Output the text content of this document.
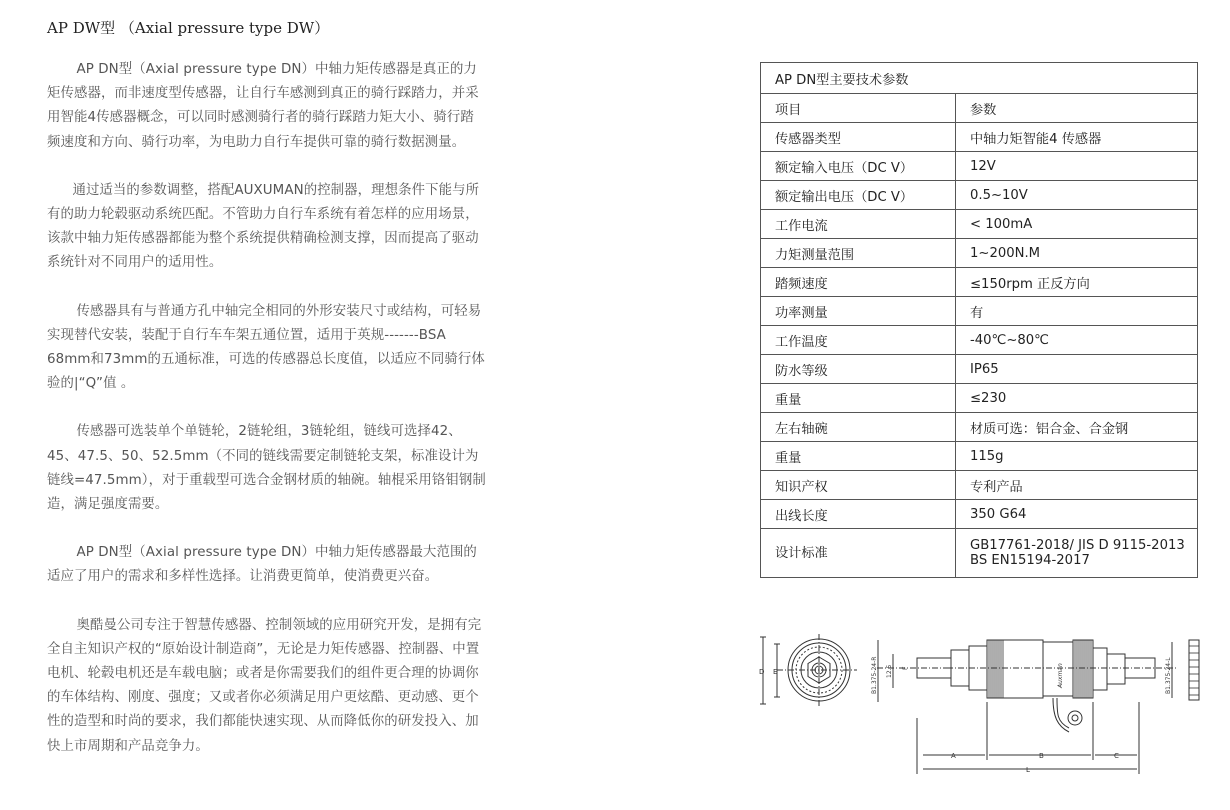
AP DW型 （Axial pressure type DW）

AP DN型（Axial pressure type DN）中轴力矩传感器是真正的力矩传感器，而非速度型传感器，让自行车感测到真正的骑行踩踏力，并采用智能4传感器概念，可以同时感测骑行者的骑行踩踏力矩大小、骑行踏频速度和方向、骑行功率，为电助力自行车提供可靠的骑行数据测量。

通过适当的参数调整，搭配AUXUMAN的控制器，理想条件下能与所有的助力轮毂驱动系统匹配。不管助力自行车系统有着怎样的应用场景，该款中轴力矩传感器都能为整个系统提供精确检测支撑，因而提高了驱动系统针对不同用户的适用性。

传感器具有与普通方孔中轴完全相同的外形安装尺寸或结构，可轻易实现替代安装，装配于自行车车架五通位置，适用于英规-------BSA 68mm和73mm的五通标准，可选的传感器总长度值，以适应不同骑行体验的|“Q”值 。

传感器可选装单个单链轮，2链轮组，3链轮组，链线可选择42、45、47.5、50、52.5mm（不同的链线需要定制链轮支架，标准设计为链线=47.5mm），对于重载型可选合金钢材质的轴碗。轴棍采用铬钼钢制造，满足强度需要。

AP DN型（Axial pressure type DN）中轴力矩传感器最大范围的适应了用户的需求和多样性选择。让消费更简单，使消费更兴奋。

奥酷曼公司专注于智慧传感器、控制领域的应用研究开发，是拥有完全自主知识产权的“原始设计制造商”，无论是力矩传感器、控制器、中置电机、轮毂电机还是车载电脑；或者是你需要我们的组件更合理的协调你的车体结构、刚度、强度；又或者你必须满足用户更炫酷、更动感、更个性的造型和时尚的要求，我们都能快速实现、从而降低你的研发投入、加快上市周期和产品竞争力。

AP DN型主要技术参数	
项目	参数
传感器类型	中轴力矩智能4 传感器
额定输入电压（DC V）	12V
额定输出电压（DC V）	0.5~10V
工作电流	< 100mA
力矩测量范围	1~200N.M
踏频速度	≤150rpm 正反方向
功率测量	有
工作温度	-40℃~80℃
防水等级	IP65
重量	≤230
左右轴碗	材质可选：铝合金、合金钢
重量	115g
知识产权	专利产品
出线长度	350 G64
设计标准	GB17761-2018/ JIS D 9115-2013
BS EN15194-2017
D E	B1.375-24-R 12.5 F	B1.375-24-L
A	B	C
L
Auxman
